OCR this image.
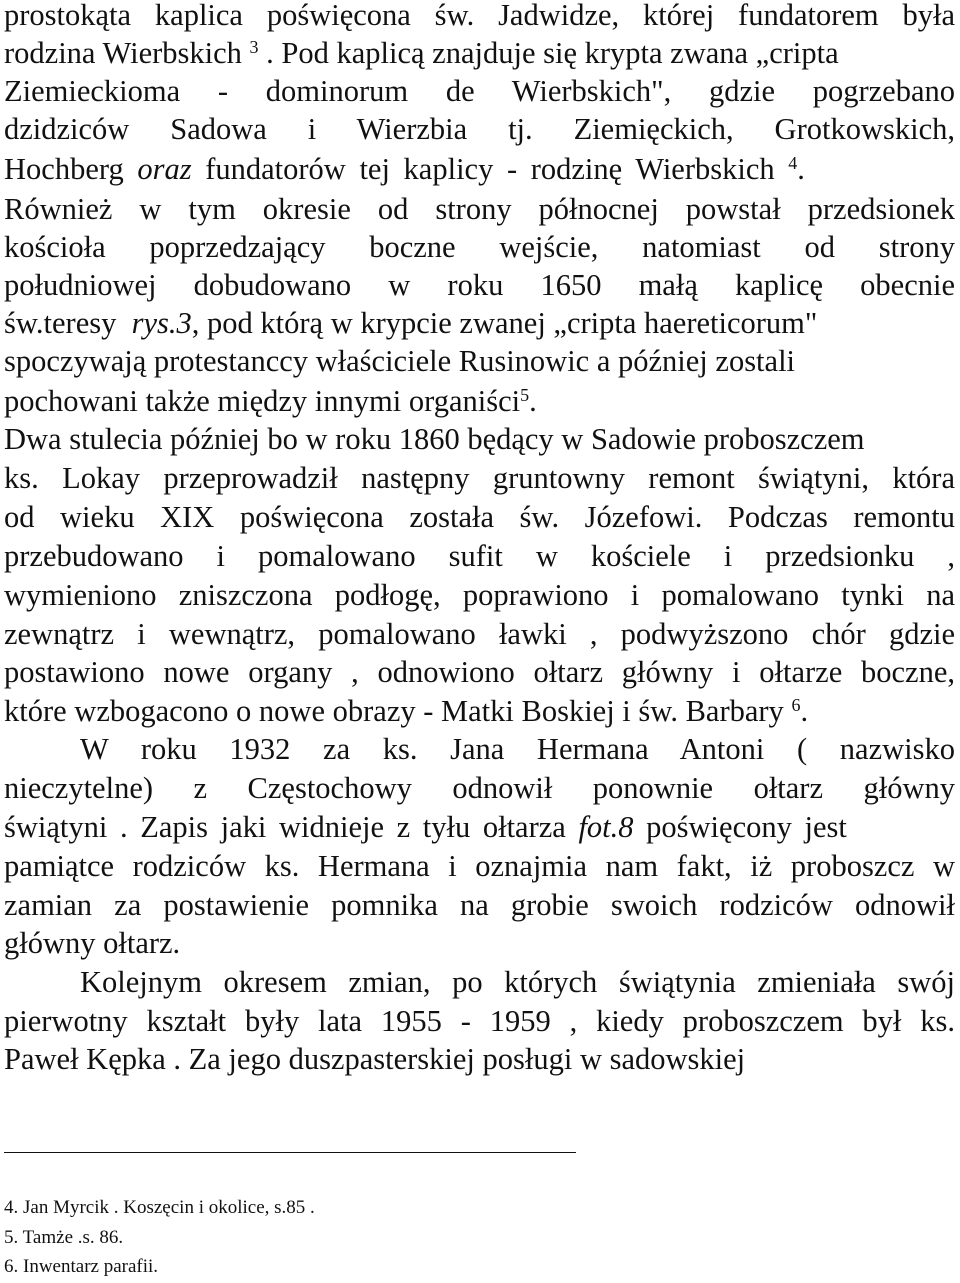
prostokąta kaplica poświęcona św. Jadwidze, której fundatorem była
rodzina Wierbskich $^3$ . Pod kaplicą znajduje się krypta zwana „cripta
Ziemieckioma - dominorum de Wierbskich", gdzie pogrzebano
dzidziców Sadowa i Wierzbia tj. Ziemięckich, Grotkowskich,
Hochberg oraz fundatorów tej kaplicy - rodzinę Wierbskich $^4$.
Również w tym okresie od strony północnej powstał przedsionek
kościoła poprzedzający boczne wejście, natomiast od strony
południowej dobudowano w roku 1650 małą kaplicę obecnie
św.teresy rys.3, pod którą w krypcie zwanej „cripta haereticorum"
spoczywają protestanccy właściciele Rusinowic a później zostali
pochowani także między innymi organiści$^5$.
Dwa stulecia później bo w roku 1860 będący w Sadowie proboszczem
ks. Lokay przeprowadził następny gruntowny remont świątyni, która
od wieku XIX poświęcona została św. Józefowi. Podczas remontu
przebudowano i pomalowano sufit w kościele i przedsionku ,
wymieniono zniszczona podłogę, poprawiono i pomalowano tynki na
zewnątrz i wewnątrz, pomalowano ławki , podwyższono chór gdzie
postawiono nowe organy , odnowiono ołtarz główny i ołtarze boczne,
które wzbogacono o nowe obrazy - Matki Boskiej i św. Barbary $^6$.
W roku 1932 za ks. Jana Hermana Antoni ( nazwisko
nieczytelne) z Częstochowy odnowił ponownie ołtarz główny
świątyni . Zapis jaki widnieje z tyłu ołtarza fot.8 poświęcony jest
pamiątce rodziców ks. Hermana i oznajmia nam fakt, iż proboszcz w
zamian za postawienie pomnika na grobie swoich rodziców odnowił
główny ołtarz.
Kolejnym okresem zmian, po których świątynia zmieniała swój
pierwotny kształt były lata 1955 - 1959 , kiedy proboszczem był ks.
Paweł Kępka . Za jego duszpasterskiej posługi w sadowskiej
4. Jan Myrcik . Koszęcin i okolice, s.85 .
5. Tamże .s. 86.
6. Inwentarz parafii.
